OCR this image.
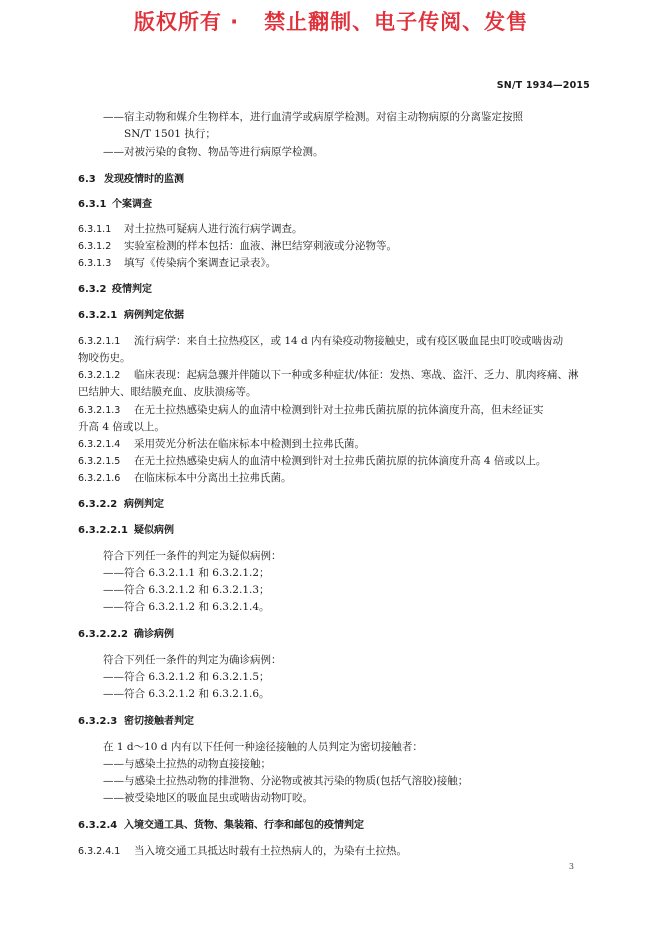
版权所有 ·   禁止翻制、电子传阅、发售
SN/T 1934—2015
——宿主动物和媒介生物样本，进行血清学或病原学检测。对宿主动物病原的分离鉴定按照
SN/T 1501 执行；
——对被污染的食物、物品等进行病原学检测。
6.3 发现疫情时的监测
6.3.1 个案调查
6.3.1.1 对土拉热可疑病人进行流行病学调查。
6.3.1.2 实验室检测的样本包括：血液、淋巴结穿刺液或分泌物等。
6.3.1.3 填写《传染病个案调查记录表》。
6.3.2 疫情判定
6.3.2.1 病例判定依据
6.3.2.1.1 流行病学：来自土拉热疫区，或 14 d 内有染疫动物接触史，或有疫区吸血昆虫叮咬或啮齿动
物咬伤史。
6.3.2.1.2 临床表现：起病急骤并伴随以下一种或多种症状/体征：发热、寒战、盗汗、乏力、肌肉疼痛、淋
巴结肿大、眼结膜充血、皮肤溃疡等。
6.3.2.1.3 在无土拉热感染史病人的血清中检测到针对土拉弗氏菌抗原的抗体滴度升高，但未经证实
升高 4 倍或以上。
6.3.2.1.4 采用荧光分析法在临床标本中检测到土拉弗氏菌。
6.3.2.1.5 在无土拉热感染史病人的血清中检测到针对土拉弗氏菌抗原的抗体滴度升高 4 倍或以上。
6.3.2.1.6 在临床标本中分离出土拉弗氏菌。
6.3.2.2 病例判定
6.3.2.2.1 疑似病例
符合下列任一条件的判定为疑似病例：
——符合 6.3.2.1.1 和 6.3.2.1.2；
——符合 6.3.2.1.2 和 6.3.2.1.3；
——符合 6.3.2.1.2 和 6.3.2.1.4。
6.3.2.2.2 确诊病例
符合下列任一条件的判定为确诊病例：
——符合 6.3.2.1.2 和 6.3.2.1.5；
——符合 6.3.2.1.2 和 6.3.2.1.6。
6.3.2.3 密切接触者判定
在 1 d～10 d 内有以下任何一种途径接触的人员判定为密切接触者：
——与感染土拉热的动物直接接触；
——与感染土拉热动物的排泄物、分泌物或被其污染的物质(包括气溶胶)接触；
——被受染地区的吸血昆虫或啮齿动物叮咬。
6.3.2.4 入境交通工具、货物、集装箱、行李和邮包的疫情判定
6.3.2.4.1 当入境交通工具抵达时载有土拉热病人的，为染有土拉热。
3
